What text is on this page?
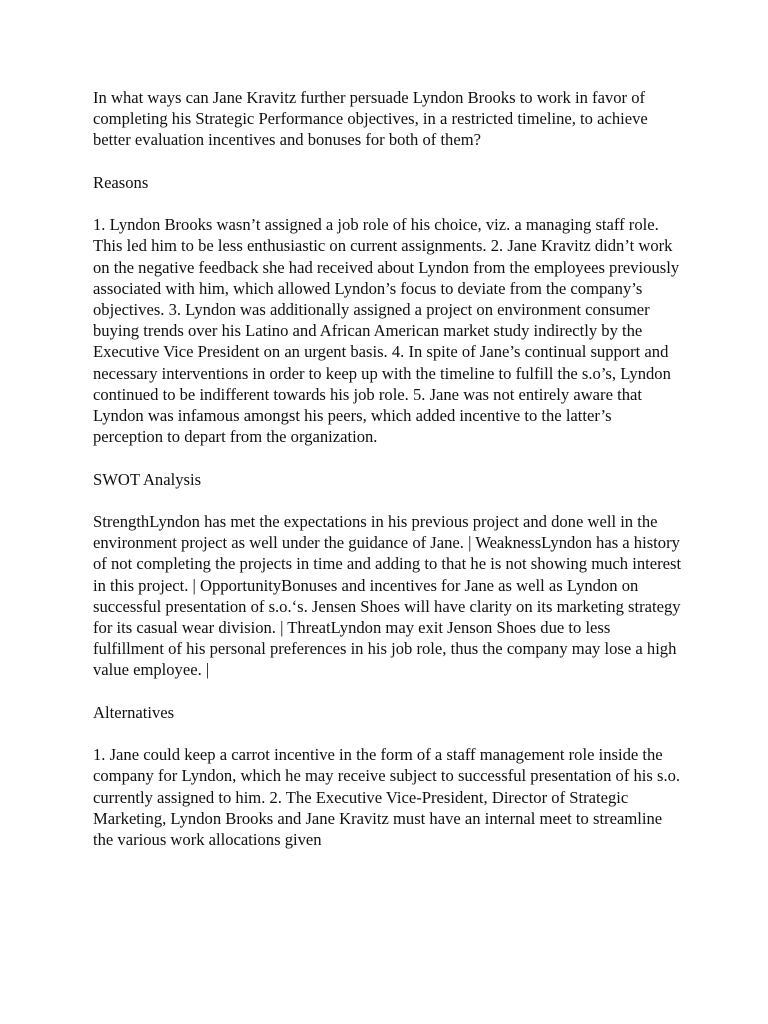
In what ways can Jane Kravitz further persuade Lyndon Brooks to work in favor of completing his Strategic Performance objectives, in a restricted timeline, to achieve better evaluation incentives and bonuses for both of them?

Reasons

1. Lyndon Brooks wasn’t assigned a job role of his choice, viz. a managing staff role. This led him to be less enthusiastic on current assignments. 2. Jane Kravitz didn’t work on the negative feedback she had received about Lyndon from the employees previously associated with him, which allowed Lyndon’s focus to deviate from the company’s objectives. 3. Lyndon was additionally assigned a project on environment consumer buying trends over his Latino and African American market study indirectly by the Executive Vice President on an urgent basis. 4. In spite of Jane’s continual support and necessary interventions in order to keep up with the timeline to fulfill the s.o’s, Lyndon continued to be indifferent towards his job role. 5. Jane was not entirely aware that Lyndon was infamous amongst his peers, which added incentive to the latter’s perception to depart from the organization.

SWOT Analysis

StrengthLyndon has met the expectations in his previous project and done well in the environment project as well under the guidance of Jane. | WeaknessLyndon has a history of not completing the projects in time and adding to that he is not showing much interest in this project. | OpportunityBonuses and incentives for Jane as well as Lyndon on successful presentation of s.o.‘s. Jensen Shoes will have clarity on its marketing strategy for its casual wear division. | ThreatLyndon may exit Jenson Shoes due to less fulfillment of his personal preferences in his job role, thus the company may lose a high value employee. |

Alternatives

1. Jane could keep a carrot incentive in the form of a staff management role inside the company for Lyndon, which he may receive subject to successful presentation of his s.o. currently assigned to him. 2. The Executive Vice-President, Director of Strategic Marketing, Lyndon Brooks and Jane Kravitz must have an internal meet to streamline the various work allocations given
